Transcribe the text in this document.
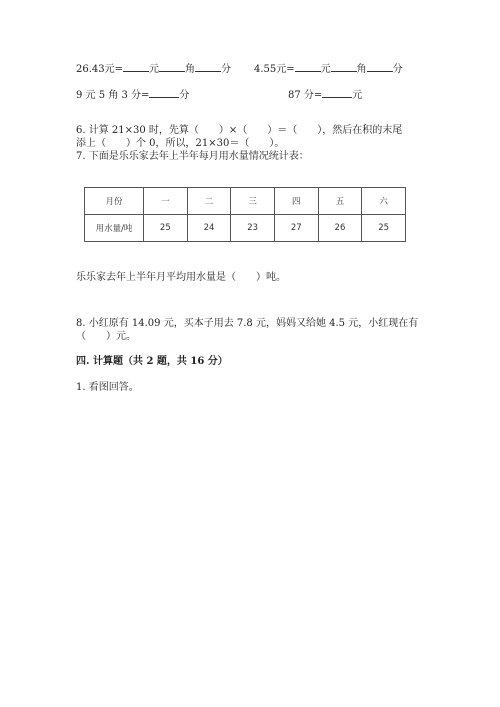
26.43元=	元	角	分 4.55元=	元	角	分
9 元 5 角 3 分=	分	87 分=	元
6. 计算 21×30 时，先算（　　）×（　　）＝（　　），然后在积的末尾
添上（　　）个 0，所以，21×30＝（　　）。
7. 下面是乐乐家去年上半年每月用水量情况统计表：
月份	一	二	三	四	五	六
用水量/吨	25	24	23	27	26	25
乐乐家去年上半年月平均用水量是（　　）吨。
8. 小红原有 14.09 元，买本子用去 7.8 元，妈妈又给她 4.5 元，小红现在有
（　　）元。
四. 计算题（共 2 题，共 16 分）
1. 看图回答。
